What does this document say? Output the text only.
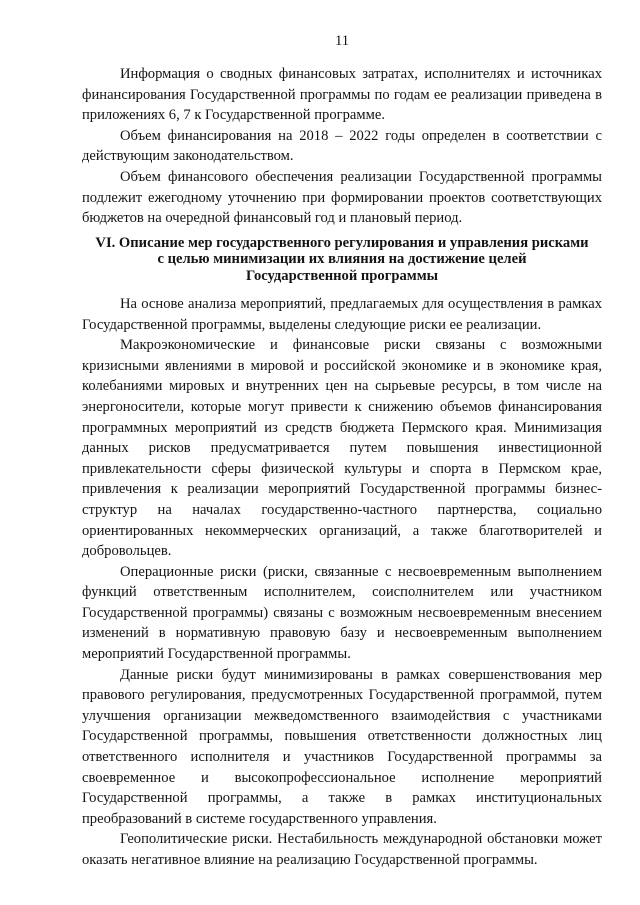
11

Информация о сводных финансовых затратах, исполнителях и источниках финансирования Государственной программы по годам ее реализации приведена в приложениях 6, 7 к Государственной программе.

Объем финансирования на 2018 – 2022 годы определен в соответствии с действующим законодательством.

Объем финансового обеспечения реализации Государственной программы подлежит ежегодному уточнению при формировании проектов соответствующих бюджетов на очередной финансовый год и плановый период.

VI. Описание мер государственного регулирования и управления рисками
с целью минимизации их влияния на достижение целей
Государственной программы

На основе анализа мероприятий, предлагаемых для осуществления в рамках Государственной программы, выделены следующие риски ее реализации.

Макроэкономические и финансовые риски связаны с возможными кризисными явлениями в мировой и российской экономике и в экономике края, колебаниями мировых и внутренних цен на сырьевые ресурсы, в том числе на энергоносители, которые могут привести к снижению объемов финансирования программных мероприятий из средств бюджета Пермского края. Минимизация данных рисков предусматривается путем повышения инвестиционной привлекательности сферы физической культуры и спорта в Пермском крае, привлечения к реализации мероприятий Государственной программы бизнес-структур на началах государственно-частного партнерства, социально ориентированных некоммерческих организаций, а также благотворителей и добровольцев.

Операционные риски (риски, связанные с несвоевременным выполнением функций ответственным исполнителем, соисполнителем или участником Государственной программы) связаны с возможным несвоевременным внесением изменений в нормативную правовую базу и несвоевременным выполнением мероприятий Государственной программы.

Данные риски будут минимизированы в рамках совершенствования мер правового регулирования, предусмотренных Государственной программой, путем улучшения организации межведомственного взаимодействия с участниками Государственной программы, повышения ответственности должностных лиц ответственного исполнителя и участников Государственной программы за своевременное и высокопрофессиональное исполнение мероприятий Государственной программы, а также в рамках институциональных преобразований в системе государственного управления.

Геополитические риски. Нестабильность международной обстановки может оказать негативное влияние на реализацию Государственной программы.
